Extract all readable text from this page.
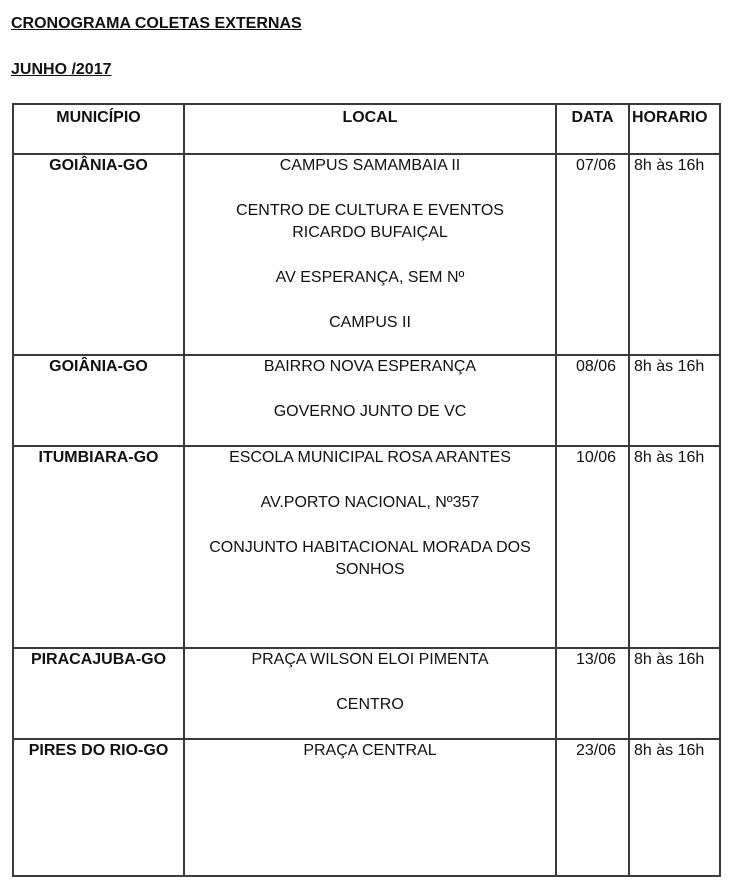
CRONOGRAMA COLETAS EXTERNAS
JUNHO /2017
MUNICÍPIO	LOCAL	DATA	HORARIO
GOIÂNIA-GO	CAMPUS SAMAMBAIA II
CENTRO DE CULTURA E EVENTOS
RICARDO BUFAIÇAL
AV ESPERANÇA, SEM Nº
CAMPUS II	07/06	8h às 16h
GOIÂNIA-GO	BAIRRO NOVA ESPERANÇA
GOVERNO JUNTO DE VC	08/06	8h às 16h
ITUMBIARA-GO	ESCOLA MUNICIPAL ROSA ARANTES
AV.PORTO NACIONAL, Nº357
CONJUNTO HABITACIONAL MORADA DOS
SONHOS	10/06	8h às 16h
PIRACAJUBA-GO	PRAÇA WILSON ELOI PIMENTA
CENTRO	13/06	8h às 16h
PIRES DO RIO-GO	PRAÇA CENTRAL	23/06	8h às 16h
